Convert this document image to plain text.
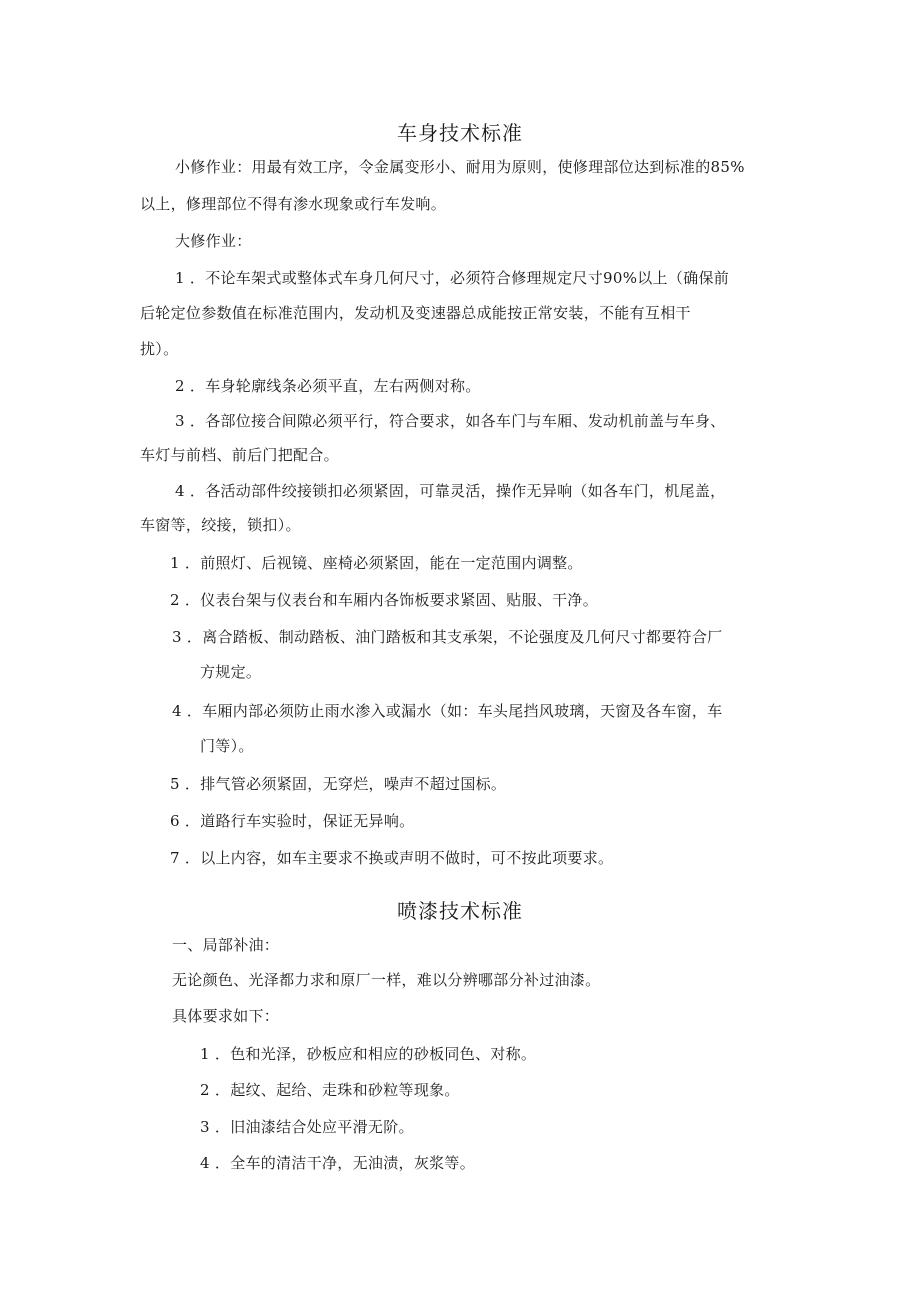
车身技术标准
小修作业：用最有效工序，令金属变形小、耐用为原则，使修理部位达到标准的85%
以上，修理部位不得有渗水现象或行车发响。
大修作业：
1 ．不论车架式或整体式车身几何尺寸，必须符合修理规定尺寸90%以上（确保前
后轮定位参数值在标准范围内，发动机及变速器总成能按正常安装，不能有互相干
扰）。
2 ．车身轮廓线条必须平直，左右两侧对称。
3 ．各部位接合间隙必须平行，符合要求，如各车门与车厢、发动机前盖与车身、
车灯与前档、前后门把配合。
4 ．各活动部件绞接锁扣必须紧固，可靠灵活，操作无异响（如各车门，机尾盖，
车窗等，绞接，锁扣）。
1 ．前照灯、后视镜、座椅必须紧固，能在一定范围内调整。
2 ．仪表台架与仪表台和车厢内各饰板要求紧固、贴服、干净。
3 ．离合踏板、制动踏板、油门踏板和其支承架，不论强度及几何尺寸都要符合厂
方规定。
4 ．车厢内部必须防止雨水渗入或漏水（如：车头尾挡风玻璃，天窗及各车窗，车
门等）。
5 ．排气管必须紧固，无穿烂，噪声不超过国标。
6 ．道路行车实验时，保证无异响。
7 ．以上内容，如车主要求不换或声明不做时，可不按此项要求。
喷漆技术标准
一、局部补油：
无论颜色、光泽都力求和原厂一样，难以分辨哪部分补过油漆。
具体要求如下：
1 ．色和光泽，砂板应和相应的砂板同色、对称。
2 ．起纹、起给、走珠和砂粒等现象。
3 ．旧油漆结合处应平滑无阶。
4 ．全车的清洁干净，无油渍，灰浆等。
